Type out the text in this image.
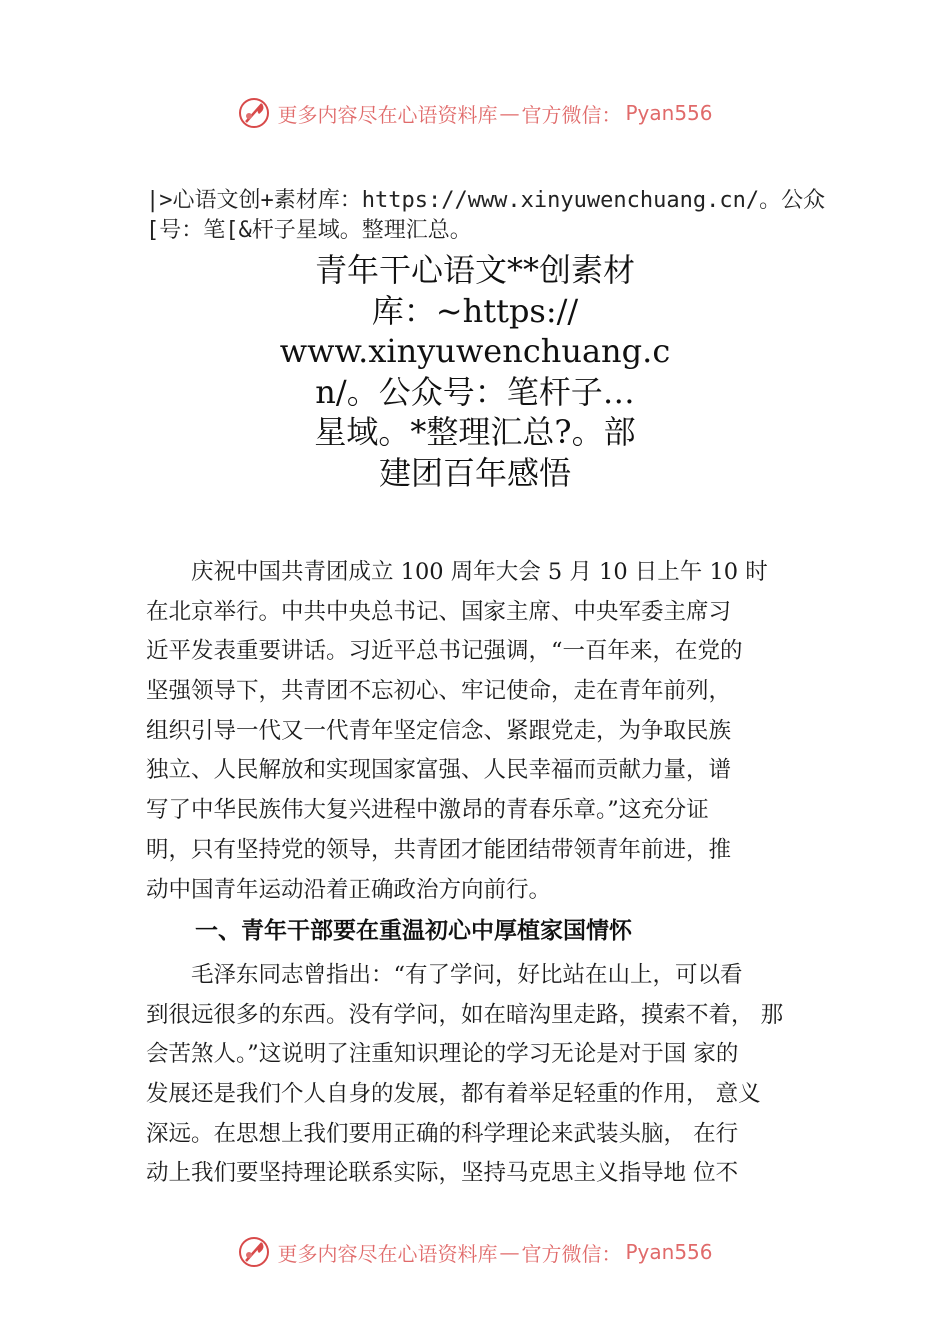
更多内容尽在心语资料库 — 官方微信： Pyan556
|>心语文创+素材库：https://www.xinyuwenchuang.cn/。公众
[号：笔[&杆子星域。整理汇总。
青年干心语文**创素材
库：~https://
www.xinyuwenchuang.c
n/。公众号：笔杆子…
星域。*整理汇总?。部
建团百年感悟
　　庆祝中国共青团成立 100 周年大会 5 月 10 日上午 10 时
在北京举行。中共中央总书记、国家主席、中央军委主席习
近平发表重要讲话。习近平总书记强调，“一百年来，在党的
坚强领导下，共青团不忘初心、牢记使命，走在青年前列，
组织引导一代又一代青年坚定信念、紧跟党走，为争取民族
独立、人民解放和实现国家富强、人民幸福而贡献力量，谱
写了中华民族伟大复兴进程中激昂的青春乐章。”这充分证
明，只有坚持党的领导，共青团才能团结带领青年前进，推
动中国青年运动沿着正确政治方向前行。
一、青年干部要在重温初心中厚植家国情怀
　　毛泽东同志曾指出：“有了学问，好比站在山上，可以看
到很远很多的东西。没有学问，如在暗沟里走路，摸索不着， 那
会苦煞人。”这说明了注重知识理论的学习无论是对于国 家的
发展还是我们个人自身的发展，都有着举足轻重的作用， 意义
深远。在思想上我们要用正确的科学理论来武装头脑， 在行
动上我们要坚持理论联系实际，坚持马克思主义指导地 位不
更多内容尽在心语资料库 — 官方微信： Pyan556
